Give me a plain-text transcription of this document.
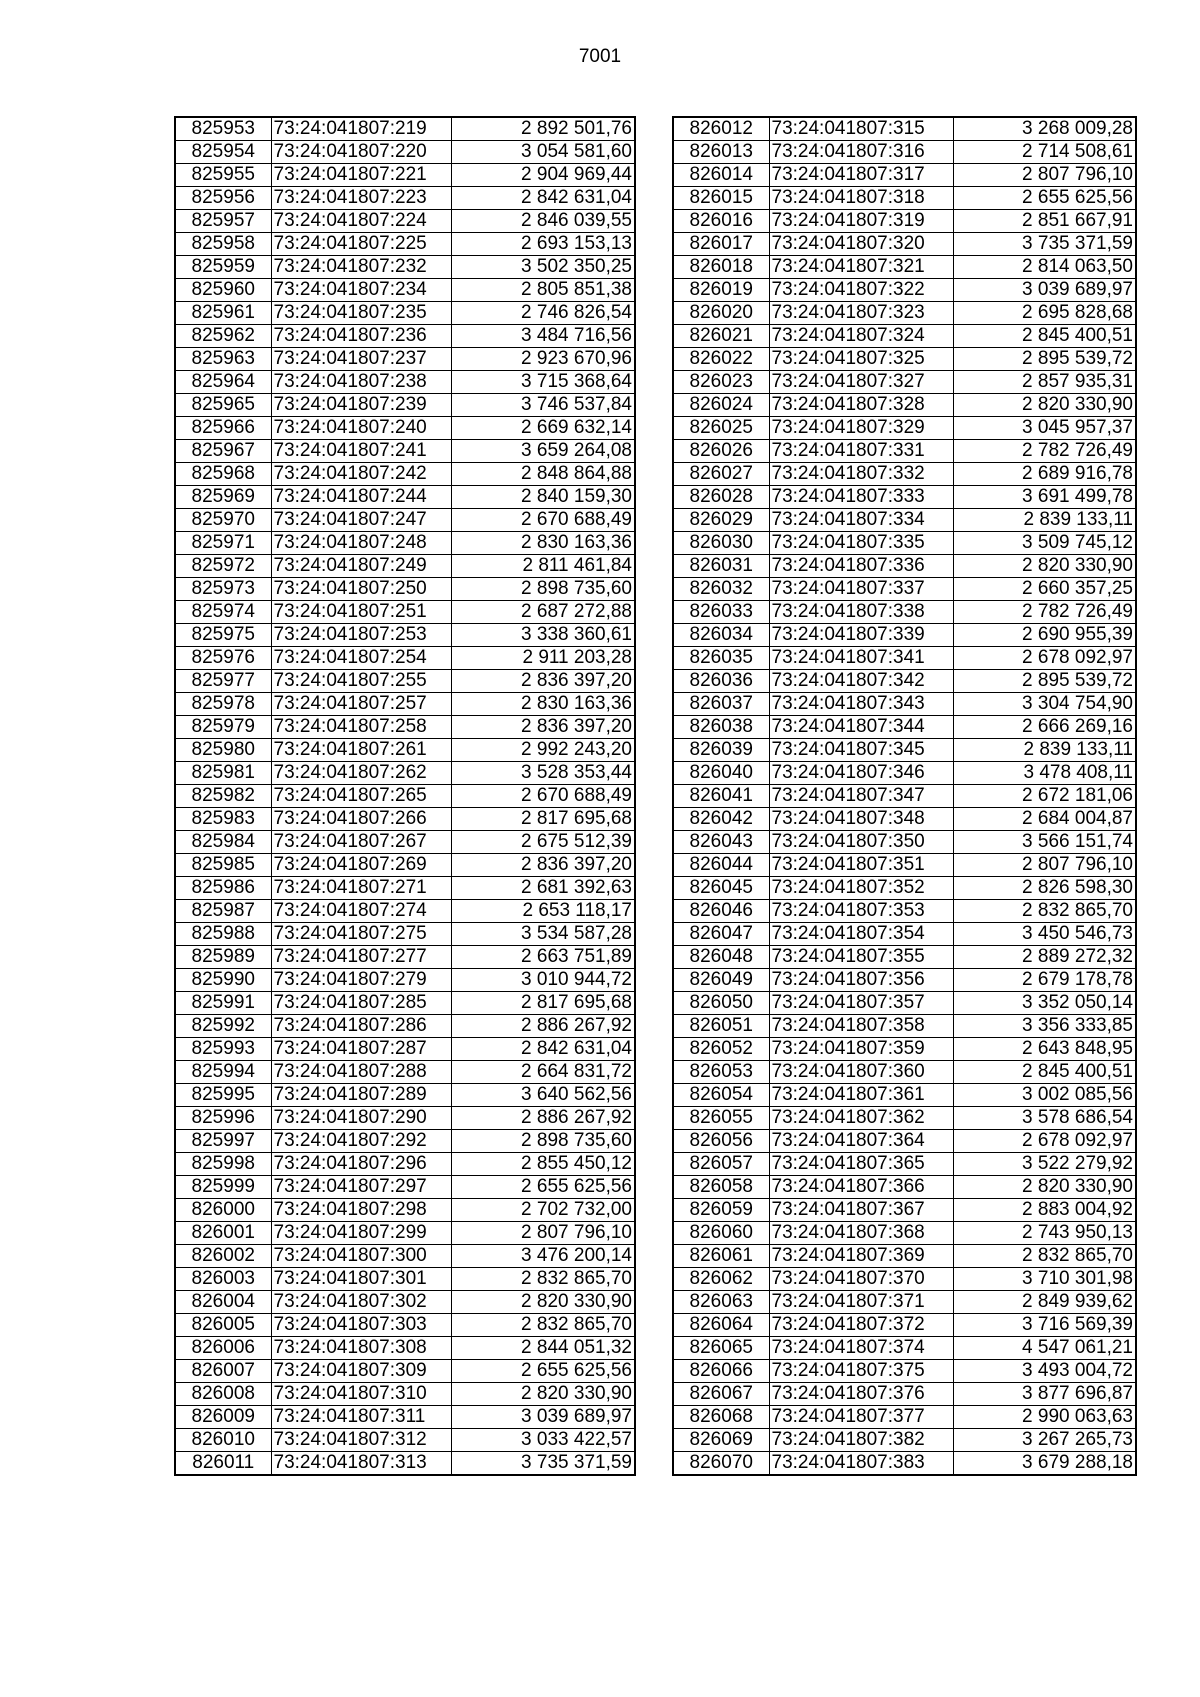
7001
825953	73:24:041807:219	2 892 501,76
825954	73:24:041807:220	3 054 581,60
825955	73:24:041807:221	2 904 969,44
825956	73:24:041807:223	2 842 631,04
825957	73:24:041807:224	2 846 039,55
825958	73:24:041807:225	2 693 153,13
825959	73:24:041807:232	3 502 350,25
825960	73:24:041807:234	2 805 851,38
825961	73:24:041807:235	2 746 826,54
825962	73:24:041807:236	3 484 716,56
825963	73:24:041807:237	2 923 670,96
825964	73:24:041807:238	3 715 368,64
825965	73:24:041807:239	3 746 537,84
825966	73:24:041807:240	2 669 632,14
825967	73:24:041807:241	3 659 264,08
825968	73:24:041807:242	2 848 864,88
825969	73:24:041807:244	2 840 159,30
825970	73:24:041807:247	2 670 688,49
825971	73:24:041807:248	2 830 163,36
825972	73:24:041807:249	2 811 461,84
825973	73:24:041807:250	2 898 735,60
825974	73:24:041807:251	2 687 272,88
825975	73:24:041807:253	3 338 360,61
825976	73:24:041807:254	2 911 203,28
825977	73:24:041807:255	2 836 397,20
825978	73:24:041807:257	2 830 163,36
825979	73:24:041807:258	2 836 397,20
825980	73:24:041807:261	2 992 243,20
825981	73:24:041807:262	3 528 353,44
825982	73:24:041807:265	2 670 688,49
825983	73:24:041807:266	2 817 695,68
825984	73:24:041807:267	2 675 512,39
825985	73:24:041807:269	2 836 397,20
825986	73:24:041807:271	2 681 392,63
825987	73:24:041807:274	2 653 118,17
825988	73:24:041807:275	3 534 587,28
825989	73:24:041807:277	2 663 751,89
825990	73:24:041807:279	3 010 944,72
825991	73:24:041807:285	2 817 695,68
825992	73:24:041807:286	2 886 267,92
825993	73:24:041807:287	2 842 631,04
825994	73:24:041807:288	2 664 831,72
825995	73:24:041807:289	3 640 562,56
825996	73:24:041807:290	2 886 267,92
825997	73:24:041807:292	2 898 735,60
825998	73:24:041807:296	2 855 450,12
825999	73:24:041807:297	2 655 625,56
826000	73:24:041807:298	2 702 732,00
826001	73:24:041807:299	2 807 796,10
826002	73:24:041807:300	3 476 200,14
826003	73:24:041807:301	2 832 865,70
826004	73:24:041807:302	2 820 330,90
826005	73:24:041807:303	2 832 865,70
826006	73:24:041807:308	2 844 051,32
826007	73:24:041807:309	2 655 625,56
826008	73:24:041807:310	2 820 330,90
826009	73:24:041807:311	3 039 689,97
826010	73:24:041807:312	3 033 422,57
826011	73:24:041807:313	3 735 371,59
826012	73:24:041807:315	3 268 009,28
826013	73:24:041807:316	2 714 508,61
826014	73:24:041807:317	2 807 796,10
826015	73:24:041807:318	2 655 625,56
826016	73:24:041807:319	2 851 667,91
826017	73:24:041807:320	3 735 371,59
826018	73:24:041807:321	2 814 063,50
826019	73:24:041807:322	3 039 689,97
826020	73:24:041807:323	2 695 828,68
826021	73:24:041807:324	2 845 400,51
826022	73:24:041807:325	2 895 539,72
826023	73:24:041807:327	2 857 935,31
826024	73:24:041807:328	2 820 330,90
826025	73:24:041807:329	3 045 957,37
826026	73:24:041807:331	2 782 726,49
826027	73:24:041807:332	2 689 916,78
826028	73:24:041807:333	3 691 499,78
826029	73:24:041807:334	2 839 133,11
826030	73:24:041807:335	3 509 745,12
826031	73:24:041807:336	2 820 330,90
826032	73:24:041807:337	2 660 357,25
826033	73:24:041807:338	2 782 726,49
826034	73:24:041807:339	2 690 955,39
826035	73:24:041807:341	2 678 092,97
826036	73:24:041807:342	2 895 539,72
826037	73:24:041807:343	3 304 754,90
826038	73:24:041807:344	2 666 269,16
826039	73:24:041807:345	2 839 133,11
826040	73:24:041807:346	3 478 408,11
826041	73:24:041807:347	2 672 181,06
826042	73:24:041807:348	2 684 004,87
826043	73:24:041807:350	3 566 151,74
826044	73:24:041807:351	2 807 796,10
826045	73:24:041807:352	2 826 598,30
826046	73:24:041807:353	2 832 865,70
826047	73:24:041807:354	3 450 546,73
826048	73:24:041807:355	2 889 272,32
826049	73:24:041807:356	2 679 178,78
826050	73:24:041807:357	3 352 050,14
826051	73:24:041807:358	3 356 333,85
826052	73:24:041807:359	2 643 848,95
826053	73:24:041807:360	2 845 400,51
826054	73:24:041807:361	3 002 085,56
826055	73:24:041807:362	3 578 686,54
826056	73:24:041807:364	2 678 092,97
826057	73:24:041807:365	3 522 279,92
826058	73:24:041807:366	2 820 330,90
826059	73:24:041807:367	2 883 004,92
826060	73:24:041807:368	2 743 950,13
826061	73:24:041807:369	2 832 865,70
826062	73:24:041807:370	3 710 301,98
826063	73:24:041807:371	2 849 939,62
826064	73:24:041807:372	3 716 569,39
826065	73:24:041807:374	4 547 061,21
826066	73:24:041807:375	3 493 004,72
826067	73:24:041807:376	3 877 696,87
826068	73:24:041807:377	2 990 063,63
826069	73:24:041807:382	3 267 265,73
826070	73:24:041807:383	3 679 288,18
